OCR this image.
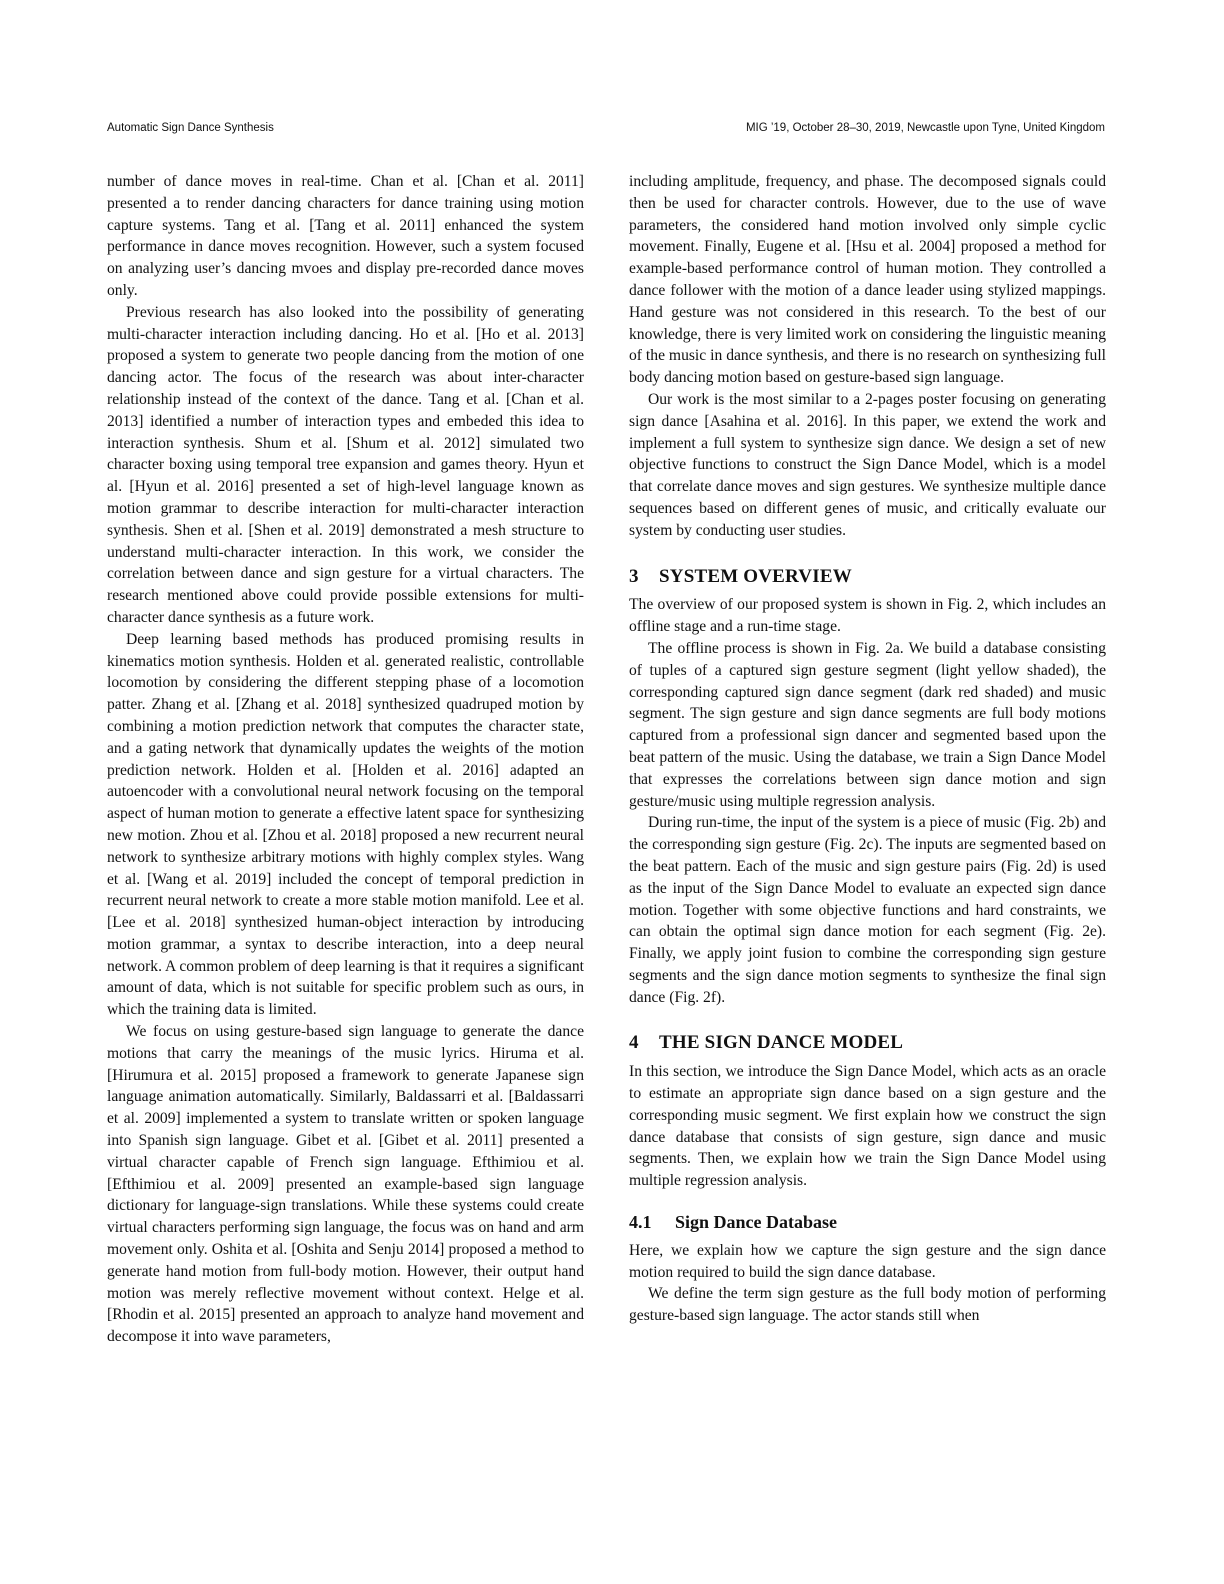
Automatic Sign Dance Synthesis	MIG ’19, October 28–30, 2019, Newcastle upon Tyne, United Kingdom

number of dance moves in real-time. Chan et al. [Chan et al. 2011] presented a to render dancing characters for dance training using motion capture systems. Tang et al. [Tang et al. 2011] enhanced the system performance in dance moves recognition. However, such a system focused on analyzing user’s dancing mvoes and display pre-recorded dance moves only.

Previous research has also looked into the possibility of generating multi-character interaction including dancing. Ho et al. [Ho et al. 2013] proposed a system to generate two people dancing from the motion of one dancing actor. The focus of the research was about inter-character relationship instead of the context of the dance. Tang et al. [Chan et al. 2013] identified a number of interaction types and embeded this idea to interaction synthesis. Shum et al. [Shum et al. 2012] simulated two character boxing using temporal tree expansion and games theory. Hyun et al. [Hyun et al. 2016] presented a set of high-level language known as motion grammar to describe interaction for multi-character interaction synthesis. Shen et al. [Shen et al. 2019] demonstrated a mesh structure to understand multi-character interaction. In this work, we consider the correlation between dance and sign gesture for a virtual characters. The research mentioned above could provide possible extensions for multi-character dance synthesis as a future work.

Deep learning based methods has produced promising results in kinematics motion synthesis. Holden et al. generated realistic, controllable locomotion by considering the different stepping phase of a locomotion patter. Zhang et al. [Zhang et al. 2018] synthesized quadruped motion by combining a motion prediction network that computes the character state, and a gating network that dynamically updates the weights of the motion prediction network. Holden et al. [Holden et al. 2016] adapted an autoencoder with a convolutional neural network focusing on the temporal aspect of human motion to generate a effective latent space for synthesizing new motion. Zhou et al. [Zhou et al. 2018] proposed a new recurrent neural network to synthesize arbitrary motions with highly complex styles. Wang et al. [Wang et al. 2019] included the concept of temporal prediction in recurrent neural network to create a more stable motion manifold. Lee et al. [Lee et al. 2018] synthesized human-object interaction by introducing motion grammar, a syntax to describe interaction, into a deep neural network. A common problem of deep learning is that it requires a significant amount of data, which is not suitable for specific problem such as ours, in which the training data is limited.

We focus on using gesture-based sign language to generate the dance motions that carry the meanings of the music lyrics. Hiruma et al. [Hirumura et al. 2015] proposed a framework to generate Japanese sign language animation automatically. Similarly, Baldassarri et al. [Baldassarri et al. 2009] implemented a system to translate written or spoken language into Spanish sign language. Gibet et al. [Gibet et al. 2011] presented a virtual character capable of French sign language. Efthimiou et al. [Efthimiou et al. 2009] presented an example-based sign language dictionary for language-sign translations. While these systems could create virtual characters performing sign language, the focus was on hand and arm movement only. Oshita et al. [Oshita and Senju 2014] proposed a method to generate hand motion from full-body motion. However, their output hand motion was merely reflective movement without context. Helge et al. [Rhodin et al. 2015] presented an approach to analyze hand movement and decompose it into wave parameters,

including amplitude, frequency, and phase. The decomposed signals could then be used for character controls. However, due to the use of wave parameters, the considered hand motion involved only simple cyclic movement. Finally, Eugene et al. [Hsu et al. 2004] proposed a method for example-based performance control of human motion. They controlled a dance follower with the motion of a dance leader using stylized mappings. Hand gesture was not considered in this research. To the best of our knowledge, there is very limited work on considering the linguistic meaning of the music in dance synthesis, and there is no research on synthesizing full body dancing motion based on gesture-based sign language.

Our work is the most similar to a 2-pages poster focusing on generating sign dance [Asahina et al. 2016]. In this paper, we extend the work and implement a full system to synthesize sign dance. We design a set of new objective functions to construct the Sign Dance Model, which is a model that correlate dance moves and sign gestures. We synthesize multiple dance sequences based on different genes of music, and critically evaluate our system by conducting user studies.

3 SYSTEM OVERVIEW

The overview of our proposed system is shown in Fig. 2, which includes an offline stage and a run-time stage.

The offline process is shown in Fig. 2a. We build a database consisting of tuples of a captured sign gesture segment (light yellow shaded), the corresponding captured sign dance segment (dark red shaded) and music segment. The sign gesture and sign dance segments are full body motions captured from a professional sign dancer and segmented based upon the beat pattern of the music. Using the database, we train a Sign Dance Model that expresses the correlations between sign dance motion and sign gesture/music using multiple regression analysis.

During run-time, the input of the system is a piece of music (Fig. 2b) and the corresponding sign gesture (Fig. 2c). The inputs are segmented based on the beat pattern. Each of the music and sign gesture pairs (Fig. 2d) is used as the input of the Sign Dance Model to evaluate an expected sign dance motion. Together with some objective functions and hard constraints, we can obtain the optimal sign dance motion for each segment (Fig. 2e). Finally, we apply joint fusion to combine the corresponding sign gesture segments and the sign dance motion segments to synthesize the final sign dance (Fig. 2f).

4 THE SIGN DANCE MODEL

In this section, we introduce the Sign Dance Model, which acts as an oracle to estimate an appropriate sign dance based on a sign gesture and the corresponding music segment. We first explain how we construct the sign dance database that consists of sign gesture, sign dance and music segments. Then, we explain how we train the Sign Dance Model using multiple regression analysis.

4.1 Sign Dance Database

Here, we explain how we capture the sign gesture and the sign dance motion required to build the sign dance database.

We define the term sign gesture as the full body motion of performing gesture-based sign language. The actor stands still when
